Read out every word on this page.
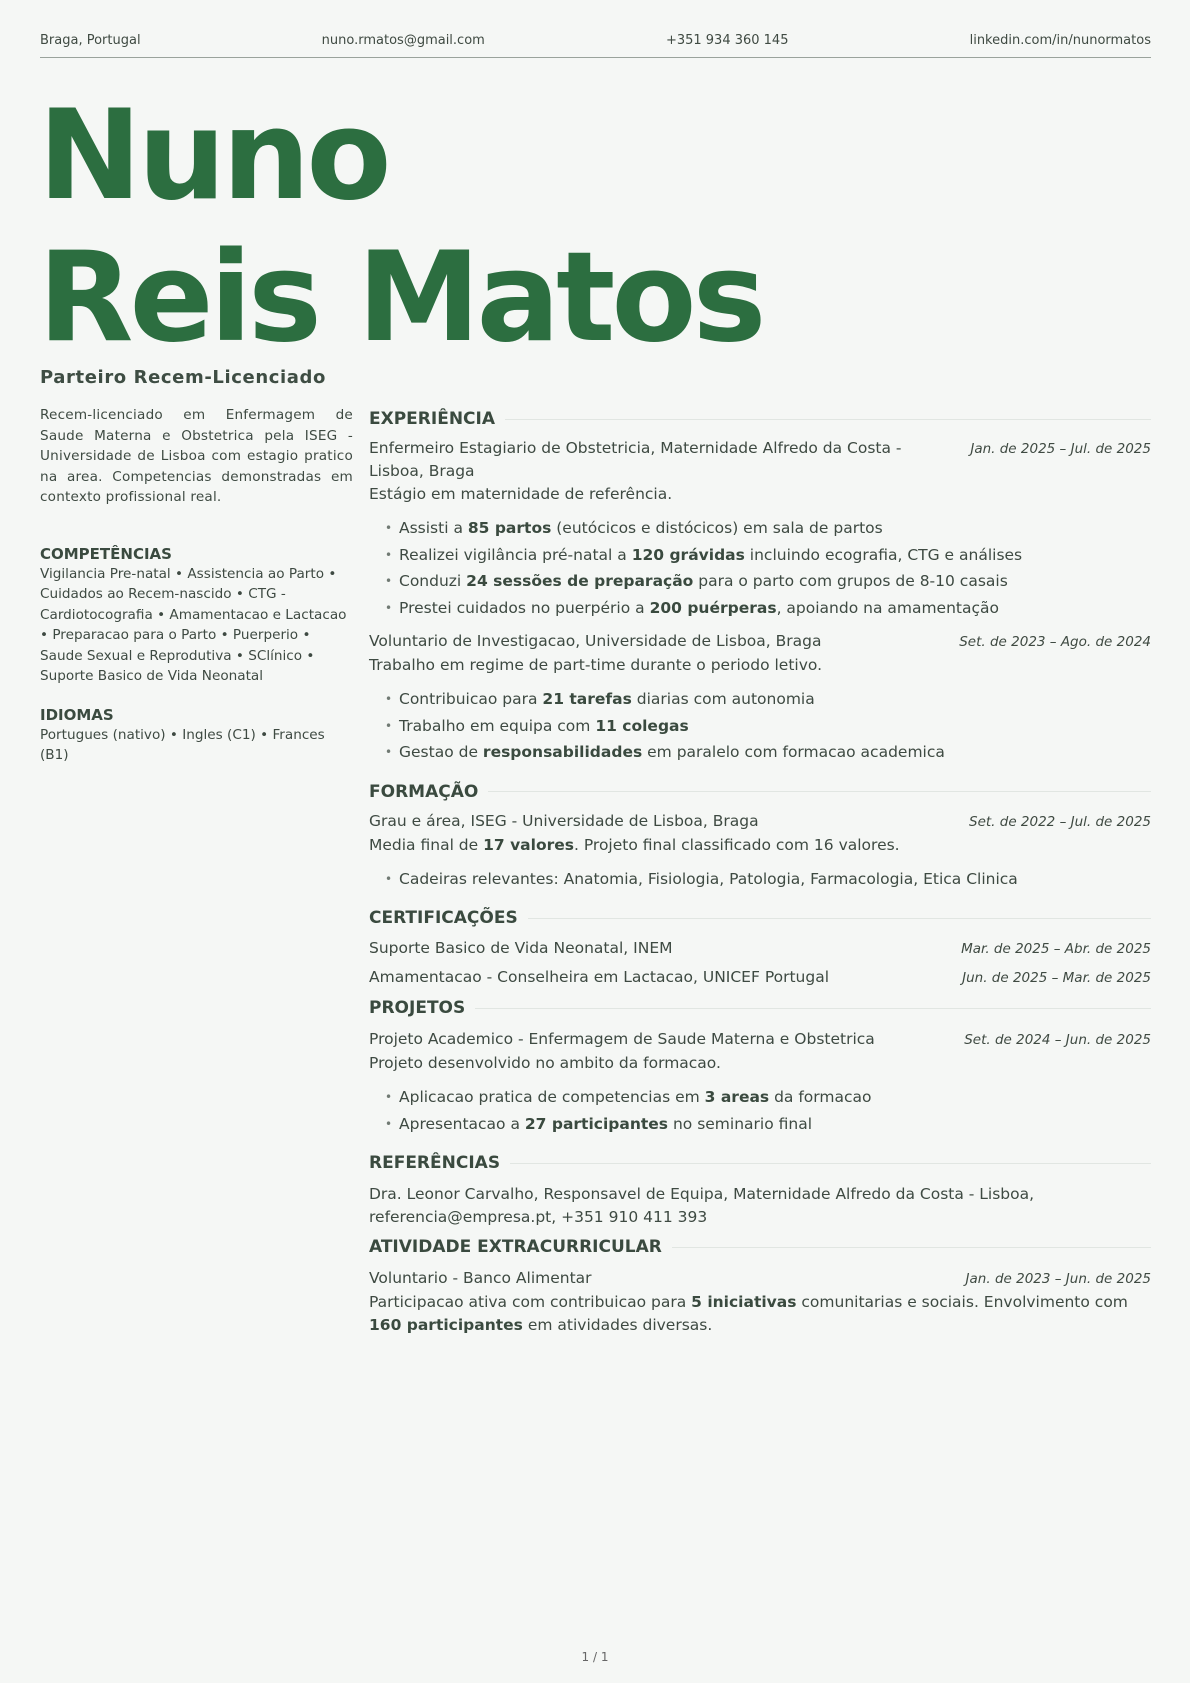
Braga, Portugal	nuno.rmatos@gmail.com	+351 934 360 145	linkedin.com/in/nunormatos
Nuno
Reis Matos
Parteiro Recem-Licenciado

Recem-licenciado em Enfermagem de Saude Materna e Obstetrica pela ISEG - Universidade de Lisboa com estagio pratico na area. Competencias demonstradas em contexto profissional real.

COMPETÊNCIAS

Vigilancia Pre-natal • Assistencia ao Parto • Cuidados ao Recem-nascido • CTG - Cardiotocografia • Amamentacao e Lactacao • Preparacao para o Parto • Puerperio • Saude Sexual e Reprodutiva • SClínico • Suporte Basico de Vida Neonatal

IDIOMAS

Portugues (nativo) • Ingles (C1) • Frances (B1)

EXPERIÊNCIA
Enfermeiro Estagiario de Obstetricia, Maternidade Alfredo da Costa - Lisboa, Braga
Jan. de 2025 – Jul. de 2025
Estágio em maternidade de referência.
• Assisti a 85 partos (eutócicos e distócicos) em sala de partos
• Realizei vigilância pré-natal a 120 grávidas incluindo ecografia, CTG e análises
• Conduzi 24 sessões de preparação para o parto com grupos de 8-10 casais
• Prestei cuidados no puerpério a 200 puérperas, apoiando na amamentação
Voluntario de Investigacao, Universidade de Lisboa, Braga	Set. de 2023 – Ago. de 2024
Trabalho em regime de part-time durante o periodo letivo.
• Contribuicao para 21 tarefas diarias com autonomia
• Trabalho em equipa com 11 colegas
• Gestao de responsabilidades em paralelo com formacao academica
FORMAÇÃO
Grau e área, ISEG - Universidade de Lisboa, Braga	Set. de 2022 – Jul. de 2025
Media final de 17 valores. Projeto final classificado com 16 valores.
• Cadeiras relevantes: Anatomia, Fisiologia, Patologia, Farmacologia, Etica Clinica
CERTIFICAÇÕES
Suporte Basico de Vida Neonatal, INEM	Mar. de 2025 – Abr. de 2025
Amamentacao - Conselheira em Lactacao, UNICEF Portugal	Jun. de 2025 – Mar. de 2025
PROJETOS
Projeto Academico - Enfermagem de Saude Materna e Obstetrica	Set. de 2024 – Jun. de 2025
Projeto desenvolvido no ambito da formacao.
• Aplicacao pratica de competencias em 3 areas da formacao
• Apresentacao a 27 participantes no seminario final
REFERÊNCIAS
Dra. Leonor Carvalho, Responsavel de Equipa, Maternidade Alfredo da Costa - Lisboa, referencia@empresa.pt, +351 910 411 393
ATIVIDADE EXTRACURRICULAR
Voluntario - Banco Alimentar	Jan. de 2023 – Jun. de 2025
Participacao ativa com contribuicao para 5 iniciativas comunitarias e sociais. Envolvimento com 160 participantes em atividades diversas.
1 / 1
